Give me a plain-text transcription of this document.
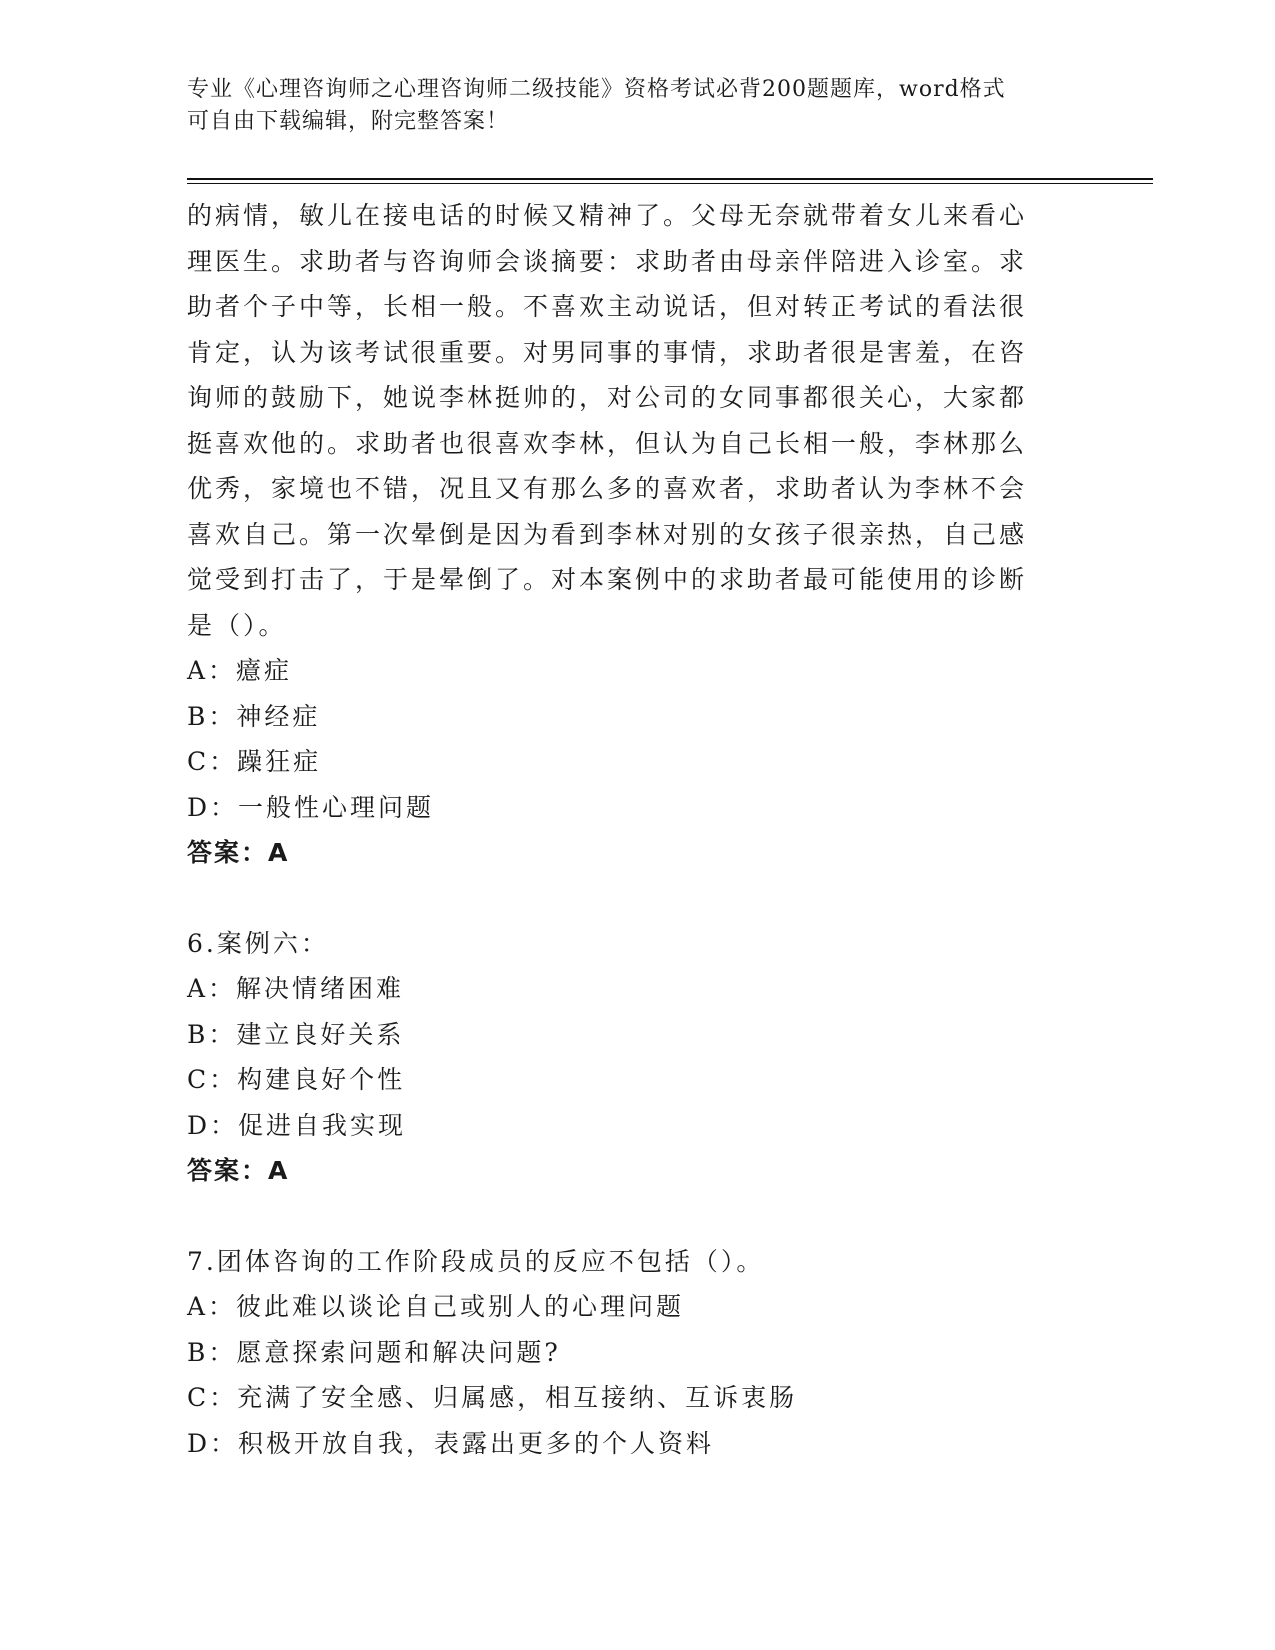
专业《心理咨询师之心理咨询师二级技能》资格考试必背200题题库，word格式
可自由下载编辑，附完整答案！
的病情，敏儿在接电话的时候又精神了。父母无奈就带着女儿来看心
理医生。求助者与咨询师会谈摘要：求助者由母亲伴陪进入诊室。求
助者个子中等，长相一般。不喜欢主动说话，但对转正考试的看法很
肯定，认为该考试很重要。对男同事的事情，求助者很是害羞，在咨
询师的鼓励下，她说李林挺帅的，对公司的女同事都很关心，大家都
挺喜欢他的。求助者也很喜欢李林，但认为自己长相一般，李林那么
优秀，家境也不错，况且又有那么多的喜欢者，求助者认为李林不会
喜欢自己。第一次晕倒是因为看到李林对别的女孩子很亲热，自己感
觉受到打击了，于是晕倒了。对本案例中的求助者最可能使用的诊断
是（）。
A：癔症
B：神经症
C：躁狂症
D：一般性心理问题
答案：A
6.案例六：
A：解决情绪困难
B：建立良好关系
C：构建良好个性
D：促进自我实现
答案：A
7.团体咨询的工作阶段成员的反应不包括（）。
A：彼此难以谈论自己或别人的心理问题
B：愿意探索问题和解决问题?
C：充满了安全感、归属感，相互接纳、互诉衷肠
D：积极开放自我，表露出更多的个人资料
